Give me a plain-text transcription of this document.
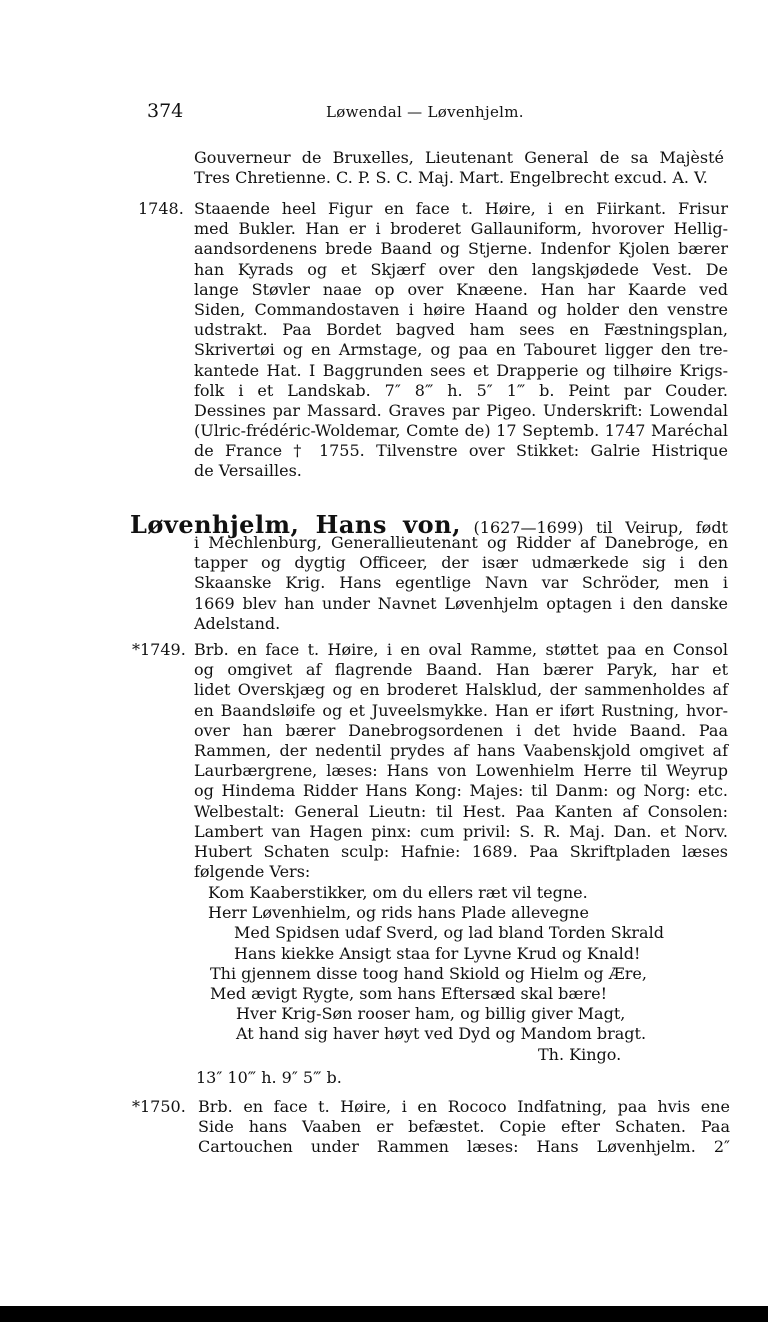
374	Løwendal — Løvenhjelm.
Gouverneur de Bruxelles, Lieutenant General de sa Majèsté
Tres Chretienne. C. P. S. C. Maj. Mart. Engelbrecht excud. A. V.
1748. Staaende heel Figur en face t. Høire, i en Fiirkant. Frisur
med Bukler. Han er i broderet Gallauniform, hvorover Hellig-
aandsordenens brede Baand og Stjerne. Indenfor Kjolen bærer
han Kyrads og et Skjærf over den langskjødede Vest. De
lange Støvler naae op over Knæene. Han har Kaarde ved
Siden, Commandostaven i høire Haand og holder den venstre
udstrakt. Paa Bordet bagved ham sees en Fæstningsplan,
Skrivertøi og en Armstage, og paa en Tabouret ligger den tre-
kantede Hat. I Baggrunden sees et Drapperie og tilhøire Krigs-
folk i et Landskab. 7″ 8‴ h. 5″ 1‴ b. Peint par Couder.
Dessines par Massard. Graves par Pigeo. Underskrift: Lowendal
(Ulric-frédéric-Woldemar, Comte de) 17 Septemb. 1747 Maréchal
de France † 1755. Tilvenstre over Stikket: Galrie Histrique
de Versailles.
Løvenhjelm, Hans von, (1627—1699) til Veirup, født
i Mechlenburg, Generallieutenant og Ridder af Danebroge, en
tapper og dygtig Officeer, der især udmærkede sig i den
Skaanske Krig. Hans egentlige Navn var Schröder, men i
1669 blev han under Navnet Løvenhjelm optagen i den danske
Adelstand.
*1749. Brb. en face t. Høire, i en oval Ramme, støttet paa en Consol
og omgivet af flagrende Baand. Han bærer Paryk, har et
lidet Overskjæg og en broderet Halsklud, der sammenholdes af
en Baandsløife og et Juveelsmykke. Han er iført Rustning, hvor-
over han bærer Danebrogsordenen i det hvide Baand. Paa
Rammen, der nedentil prydes af hans Vaabenskjold omgivet af
Laurbærgrene, læses: Hans von Lowenhielm Herre til Weyrup
og Hindema Ridder Hans Kong: Majes: til Danm: og Norg: etc.
Welbestalt: General Lieutn: til Hest. Paa Kanten af Consolen:
Lambert van Hagen pinx: cum privil: S. R. Maj. Dan. et Norv.
Hubert Schaten sculp: Hafnie: 1689. Paa Skriftpladen læses
følgende Vers:
Kom Kaaberstikker, om du ellers ræt vil tegne.
Herr Løvenhielm, og rids hans Plade allevegne
Med Spidsen udaf Sverd, og lad bland Torden Skrald
Hans kiekke Ansigt staa for Lyvne Krud og Knald!
Thi gjennem disse toog hand Skiold og Hielm og Ære,
Med ævigt Rygte, som hans Eftersæd skal bære!
Hver Krig-Søn rooser ham, og billig giver Magt,
At hand sig haver høyt ved Dyd og Mandom bragt.
Th. Kingo.
13″ 10‴ h. 9″ 5‴ b.
*1750. Brb. en face t. Høire, i en Rococo Indfatning, paa hvis ene
Side hans Vaaben er befæstet. Copie efter Schaten. Paa
Cartouchen under Rammen læses: Hans Løvenhjelm. 2″
